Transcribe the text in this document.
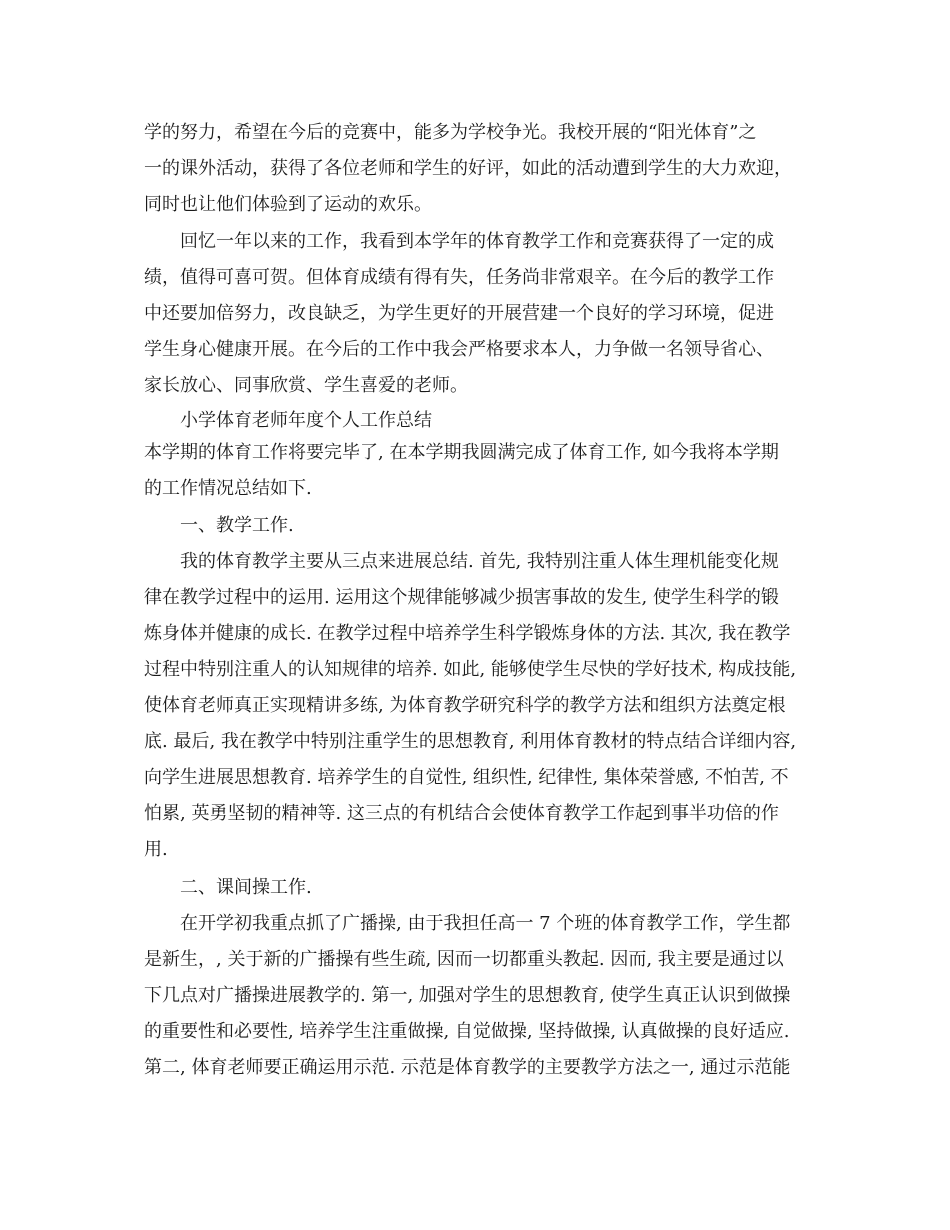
学的努力，希望在今后的竞赛中，能多为学校争光。我校开展的“阳光体育”之

一的课外活动，获得了各位老师和学生的好评，如此的活动遭到学生的大力欢迎，

同时也让他们体验到了运动的欢乐。

回忆一年以来的工作，我看到本学年的体育教学工作和竞赛获得了一定的成

绩，值得可喜可贺。但体育成绩有得有失，任务尚非常艰辛。在今后的教学工作

中还要加倍努力，改良缺乏，为学生更好的开展营建一个良好的学习环境，促进

学生身心健康开展。在今后的工作中我会严格要求本人，力争做一名领导省心、

家长放心、同事欣赏、学生喜爱的老师。

小学体育老师年度个人工作总结

本学期的体育工作将要完毕了, 在本学期我圆满完成了体育工作, 如今我将本学期

的工作情况总结如下.

一、教学工作.

我的体育教学主要从三点来进展总结. 首先, 我特别注重人体生理机能变化规

律在教学过程中的运用. 运用这个规律能够减少损害事故的发生, 使学生科学的锻

炼身体并健康的成长. 在教学过程中培养学生科学锻炼身体的方法. 其次, 我在教学

过程中特别注重人的认知规律的培养. 如此, 能够使学生尽快的学好技术, 构成技能,

使体育老师真正实现精讲多练, 为体育教学研究科学的教学方法和组织方法奠定根

底. 最后, 我在教学中特别注重学生的思想教育, 利用体育教材的特点结合详细内容,

向学生进展思想教育. 培养学生的自觉性, 组织性, 纪律性, 集体荣誉感, 不怕苦, 不

怕累, 英勇坚韧的精神等. 这三点的有机结合会使体育教学工作起到事半功倍的作

用.

二、课间操工作.

在开学初我重点抓了广播操, 由于我担任高一 7 个班的体育教学工作，学生都

是新生，, 关于新的广播操有些生疏, 因而一切都重头教起. 因而, 我主要是通过以

下几点对广播操进展教学的. 第一, 加强对学生的思想教育, 使学生真正认识到做操

的重要性和必要性, 培养学生注重做操, 自觉做操, 坚持做操, 认真做操的良好适应.

第二, 体育老师要正确运用示范. 示范是体育教学的主要教学方法之一, 通过示范能
